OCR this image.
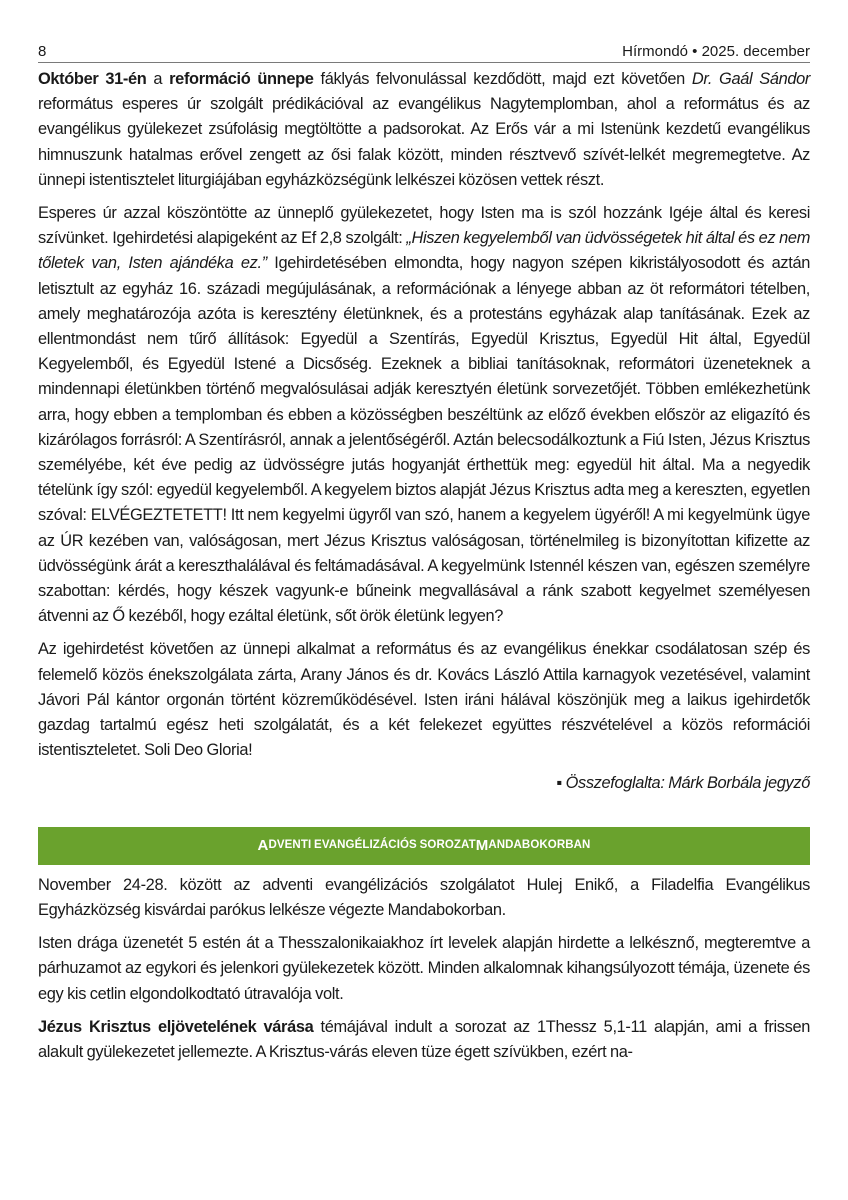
8	Hírmondó • 2025. december

Október 31-én a reformáció ünnepe fáklyás felvonulással kezdődött, majd ezt követően Dr. Gaál Sándor református esperes úr szolgált prédikációval az evangélikus Nagytemplomban, ahol a református és az evangélikus gyülekezet zsúfolásig megtöltötte a padsorokat. Az Erős vár a mi Istenünk kezdetű evangélikus himnuszunk hatalmas erővel zengett az ősi falak között, minden résztvevő szívét-lelkét megremegtetve. Az ünnepi istentisztelet liturgiájában egyházközségünk lelkészei közösen vettek részt.

Esperes úr azzal köszöntötte az ünneplő gyülekezetet, hogy Isten ma is szól hozzánk Igéje által és keresi szívünket. Igehirdetési alapigeként az Ef 2,8 szolgált: „Hiszen kegyelemből van üdvösségetek hit által és ez nem tőletek van, Isten ajándéka ez.” Igehirdetésében elmondta, hogy nagyon szépen kikristályosodott és aztán letisztult az egyház 16. századi megújulásának, a reformációnak a lényege abban az öt reformátori tételben, amely meghatározója azóta is keresztény életünknek, és a protestáns egyházak alap tanításának. Ezek az ellentmondást nem tűrő állítások: Egyedül a Szentírás, Egyedül Krisztus, Egyedül Hit által, Egyedül Kegyelemből, és Egyedül Istené a Dicsőség. Ezeknek a bibliai tanításoknak, reformátori üzeneteknek a mindennapi életünkben történő megvalósulásai adják keresztyén életünk sorvezetőjét. Többen emlékezhetünk arra, hogy ebben a templomban és ebben a közösségben beszéltünk az előző években először az eligazító és kizárólagos forrásról: A Szentírásról, annak a jelentőségéről. Aztán belecsodálkoztunk a Fiú Isten, Jézus Krisztus személyébe, két éve pedig az üdvösségre jutás hogyanját érthettük meg: egyedül hit által. Ma a negyedik tételünk így szól: egyedül kegyelemből. A kegyelem biztos alapját Jézus Krisztus adta meg a kereszten, egyetlen szóval: ELVÉGEZTETETT! Itt nem kegyelmi ügyről van szó, hanem a kegyelem ügyéről! A mi kegyelmünk ügye az ÚR kezében van, valóságosan, mert Jézus Krisztus valóságosan, történelmileg is bizonyítottan kifizette az üdvösségünk árát a kereszthalálával és feltámadásával. A kegyelmünk Istennél készen van, egészen személyre szabottan: kérdés, hogy készek vagyunk-e bűneink megvallásával a ránk szabott kegyelmet személyesen átvenni az Ő kezéből, hogy ezáltal életünk, sőt örök életünk legyen?

Az igehirdetést követően az ünnepi alkalmat a református és az evangélikus énekkar csodálatosan szép és felemelő közös énekszolgálata zárta, Arany János és dr. Kovács László Attila karnagyok vezetésével, valamint Jávori Pál kántor orgonán történt közreműködésével. Isten iráni hálával köszönjük meg a laikus igehirdetők gazdag tartalmú egész heti szolgálatát, és a két felekezet együttes részvételével a közös reformációi istentiszteletet. Soli Deo Gloria!

▪ Összefoglalta: Márk Borbála jegyző

A DVENTI EVANGÉLIZÁCIÓS SOROZAT M ANDABOKORBAN

November 24-28. között az adventi evangélizációs szolgálatot Hulej Enikő, a Filadelfia Evangélikus Egyházközség kisvárdai parókus lelkésze végezte Mandabokorban.

Isten drága üzenetét 5 estén át a Thesszalonikaiakhoz írt levelek alapján hirdette a lelkésznő, megteremtve a párhuzamot az egykori és jelenkori gyülekezetek között. Minden alkalomnak kihangsúlyozott témája, üzenete és egy kis cetlin elgondolkodtató útravalója volt.

Jézus Krisztus eljövetelének várása témájával indult a sorozat az 1Thessz 5,1-11 alapján, ami a frissen alakult gyülekezetet jellemezte. A Krisztus-várás eleven tüze égett szívükben, ezért na-
